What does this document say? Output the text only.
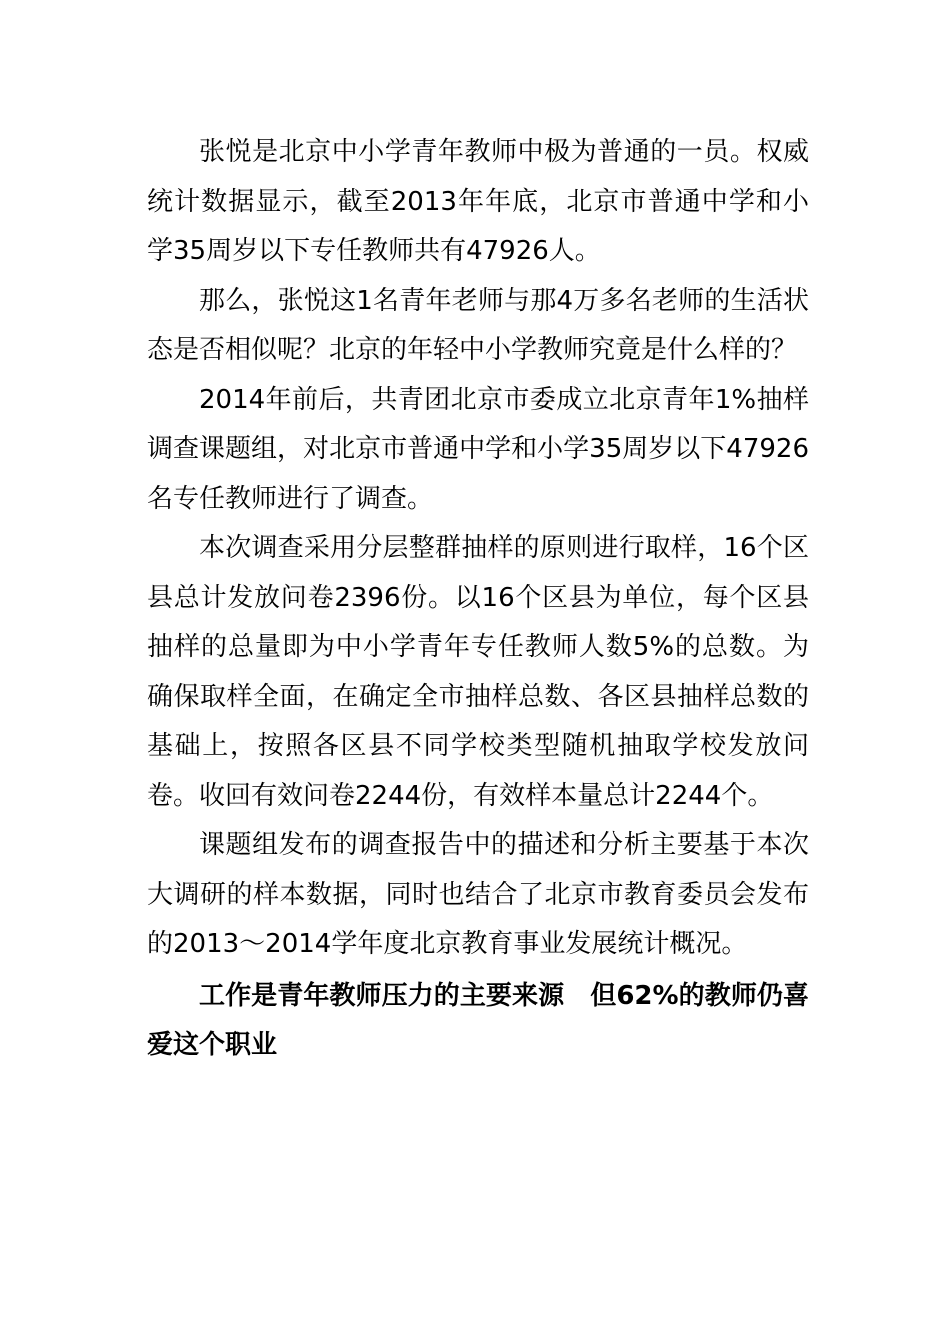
张悦是北京中小学青年教师中极为普通的一员。权威统计数据显示，截至2013年年底，北京市普通中学和小学35周岁以下专任教师共有47926人。

那么，张悦这1名青年老师与那4万多名老师的生活状态是否相似呢？北京的年轻中小学教师究竟是什么样的？

2014年前后，共青团北京市委成立北京青年1%抽样调查课题组，对北京市普通中学和小学35周岁以下47926名专任教师进行了调查。

本次调查采用分层整群抽样的原则进行取样，16个区县总计发放问卷2396份。以16个区县为单位，每个区县抽样的总量即为中小学青年专任教师人数5%的总数。为确保取样全面，在确定全市抽样总数、各区县抽样总数的基础上，按照各区县不同学校类型随机抽取学校发放问卷。收回有效问卷2244份，有效样本量总计2244个。

课题组发布的调查报告中的描述和分析主要基于本次大调研的样本数据，同时也结合了北京市教育委员会发布的2013～2014学年度北京教育事业发展统计概况。

工作是青年教师压力的主要来源　但62%的教师仍喜爱这个职业
